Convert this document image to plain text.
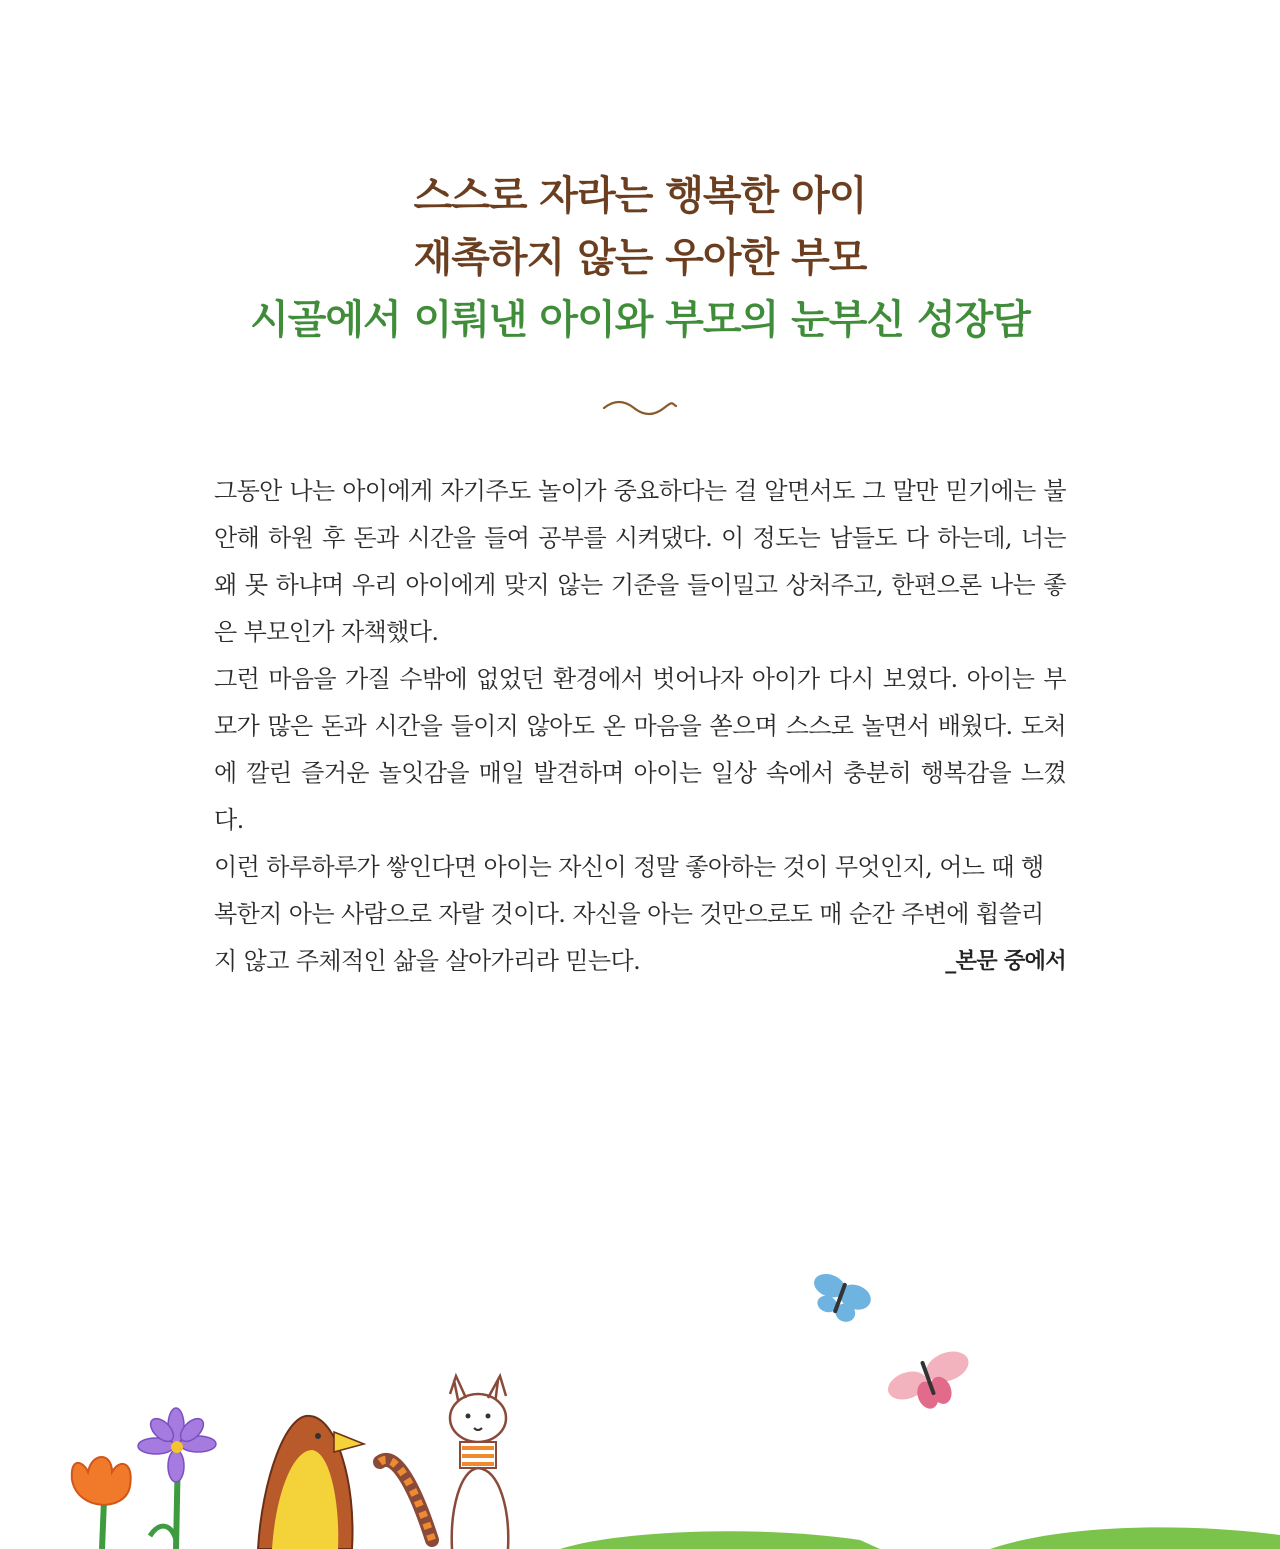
스스로 자라는 행복한 아이
재촉하지 않는 우아한 부모
시골에서 이뤄낸 아이와 부모의 눈부신 성장담

그동안 나는 아이에게 자기주도 놀이가 중요하다는 걸 알면서도 그 말만 믿기에는 불안해 하원 후 돈과 시간을 들여 공부를 시켜댔다. 이 정도는 남들도 다 하는데, 너는 왜 못 하냐며 우리 아이에게 맞지 않는 기준을 들이밀고 상처주고, 한편으론 나는 좋은 부모인가 자책했다.

그런 마음을 가질 수밖에 없었던 환경에서 벗어나자 아이가 다시 보였다. 아이는 부모가 많은 돈과 시간을 들이지 않아도 온 마음을 쏟으며 스스로 놀면서 배웠다. 도처에 깔린 즐거운 놀잇감을 매일 발견하며 아이는 일상 속에서 충분히 행복감을 느꼈다.

이런 하루하루가 쌓인다면 아이는 자신이 정말 좋아하는 것이 무엇인지, 어느 때 행복한지 아는 사람으로 자랄 것이다. 자신을 아는 것만으로도 매 순간 주변에 휩쓸리지 않고 주체적인 삶을 살아가리라 믿는다.	_본문 중에서
